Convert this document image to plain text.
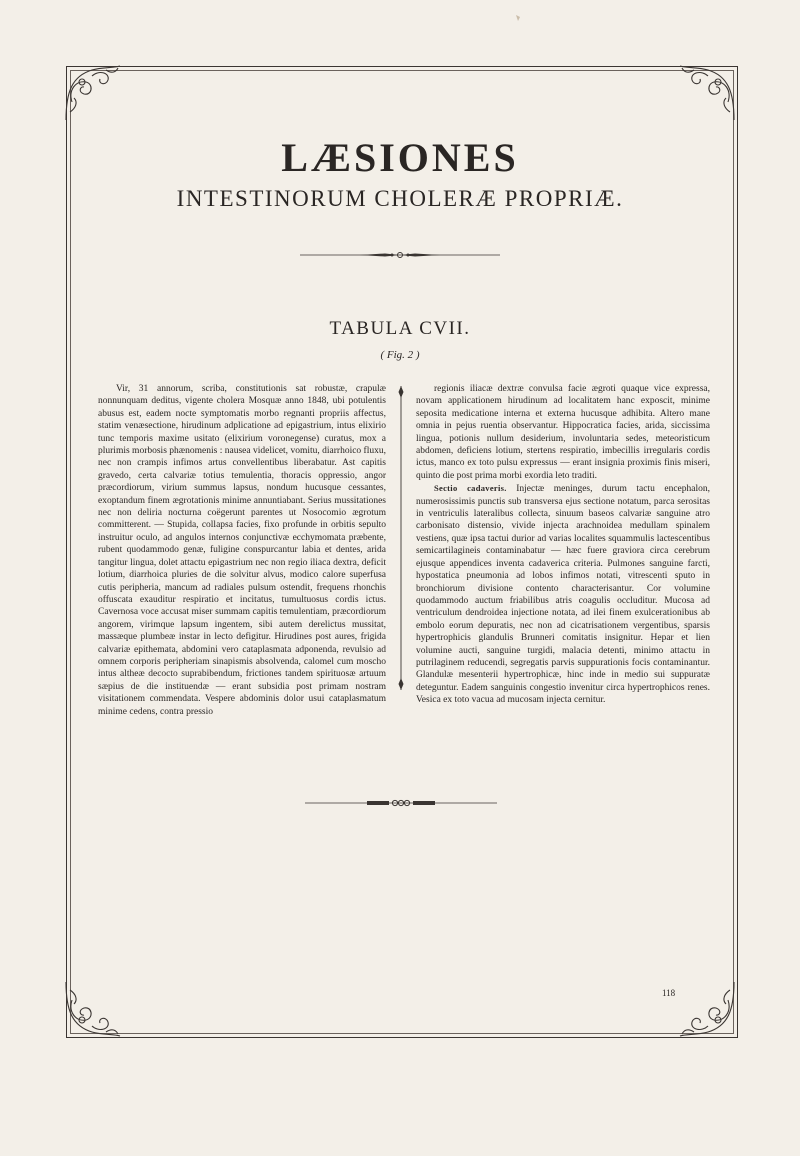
LÆSIONES
INTESTINORUM CHOLERÆ PROPRIÆ.
TABULA CVII.
( Fig. 2 )

Vir, 31 annorum, scriba, constitutionis sat robustæ, crapulæ nonnunquam deditus, vigente cholera Mosquæ anno 1848, ubi potulentis abusus est, eadem nocte symptomatis morbo regnanti propriis affectus, statim venæsectione, hirudinum adplicatione ad epigastrium, intus elixirio tunc temporis maxime usitato (elixirium voronegense) curatus, mox a plurimis morbosis phænomenis : nausea videlicet, vomitu, diarrhoico fluxu, nec non crampis infimos artus convellentibus liberabatur. Ast capitis gravedo, certa calvariæ totius temulentia, thoracis oppressio, angor præcordiorum, virium summus lapsus, nondum hucusque cessantes, exoptandum finem ægrotationis minime annuntiabant. Serius mussitationes nec non deliria nocturna coëgerunt parentes ut Nosocomio ægrotum committerent. — Stupida, collapsa facies, fixo profunde in orbitis sepulto instruitur oculo, ad angulos internos conjunctivæ ecchymomata præbente, rubent quodammodo genæ, fuligine conspurcantur labia et dentes, arida tangitur lingua, dolet attactu epigastrium nec non regio iliaca dextra, deficit lotium, diarrhoica pluries de die solvitur alvus, modico calore superfusa cutis peripheria, mancum ad radiales pulsum ostendit, frequens rhonchis offuscata exauditur respiratio et incitatus, tumultuosus cordis ictus. Cavernosa voce accusat miser summam capitis temulentiam, præcordiorum angorem, virimque lapsum ingentem, sibi autem derelictus mussitat, massæque plumbeæ instar in lecto defigitur. Hirudines post aures, frigida calvariæ epithemata, abdomini vero cataplasmata adponenda, revulsio ad omnem corporis peripheriam sinapismis absolvenda, calomel cum moscho intus altheæ decocto suprabibendum, frictiones tandem spirituosæ artuum sæpius de die instituendæ — erant subsidia post primam nostram visitationem commendata. Vespere abdominis dolor usui cataplasmatum minime cedens, contra pressio

regionis iliacæ dextræ convulsa facie ægroti quaque vice expressa, novam applicationem hirudinum ad localitatem hanc exposcit, minime seposita medicatione interna et externa hucusque adhibita. Altero mane omnia in pejus ruentia observantur. Hippocratica facies, arida, siccissima lingua, potionis nullum desiderium, involuntaria sedes, meteoristicum abdomen, deficiens lotium, stertens respiratio, imbecillis irregularis cordis ictus, manco ex toto pulsu expressus — erant insignia proximis finis miseri, quinto die post prima morbi exordia leto traditi.

Sectio cadaveris. Injectæ meninges, durum tactu encephalon, numerosissimis punctis sub transversa ejus sectione notatum, parca serositas in ventriculis lateralibus collecta, sinuum baseos calvariæ sanguine atro carbonisato distensio, vivide injecta arachnoidea medullam spinalem vestiens, quæ ipsa tactui durior ad varias localites squammulis lactescentibus semicartilagineis contaminabatur — hæc fuere graviora circa cerebrum ejusque appendices inventa cadaverica criteria. Pulmones sanguine farcti, hypostatica pneumonia ad lobos infimos notati, vitrescenti sputo in bronchiorum divisione contento characterisantur. Cor volumine quodammodo auctum friabilibus atris coagulis occluditur. Mucosa ad ventriculum dendroidea injectione notata, ad ilei finem exulcerationibus ab embolo eorum depuratis, nec non ad cicatrisationem vergentibus, sparsis hypertrophicis glandulis Brunneri comitatis insignitur. Hepar et lien volumine aucti, sanguine turgidi, malacia detenti, minimo attactu in putrilaginem reducendi, segregatis parvis suppurationis focis contaminantur. Glandulæ mesenterii hypertrophicæ, hinc inde in medio sui suppuratæ deteguntur. Eadem sanguinis congestio invenitur circa hypertrophicos renes. Vesica ex toto vacua ad mucosam injecta cernitur.

118
